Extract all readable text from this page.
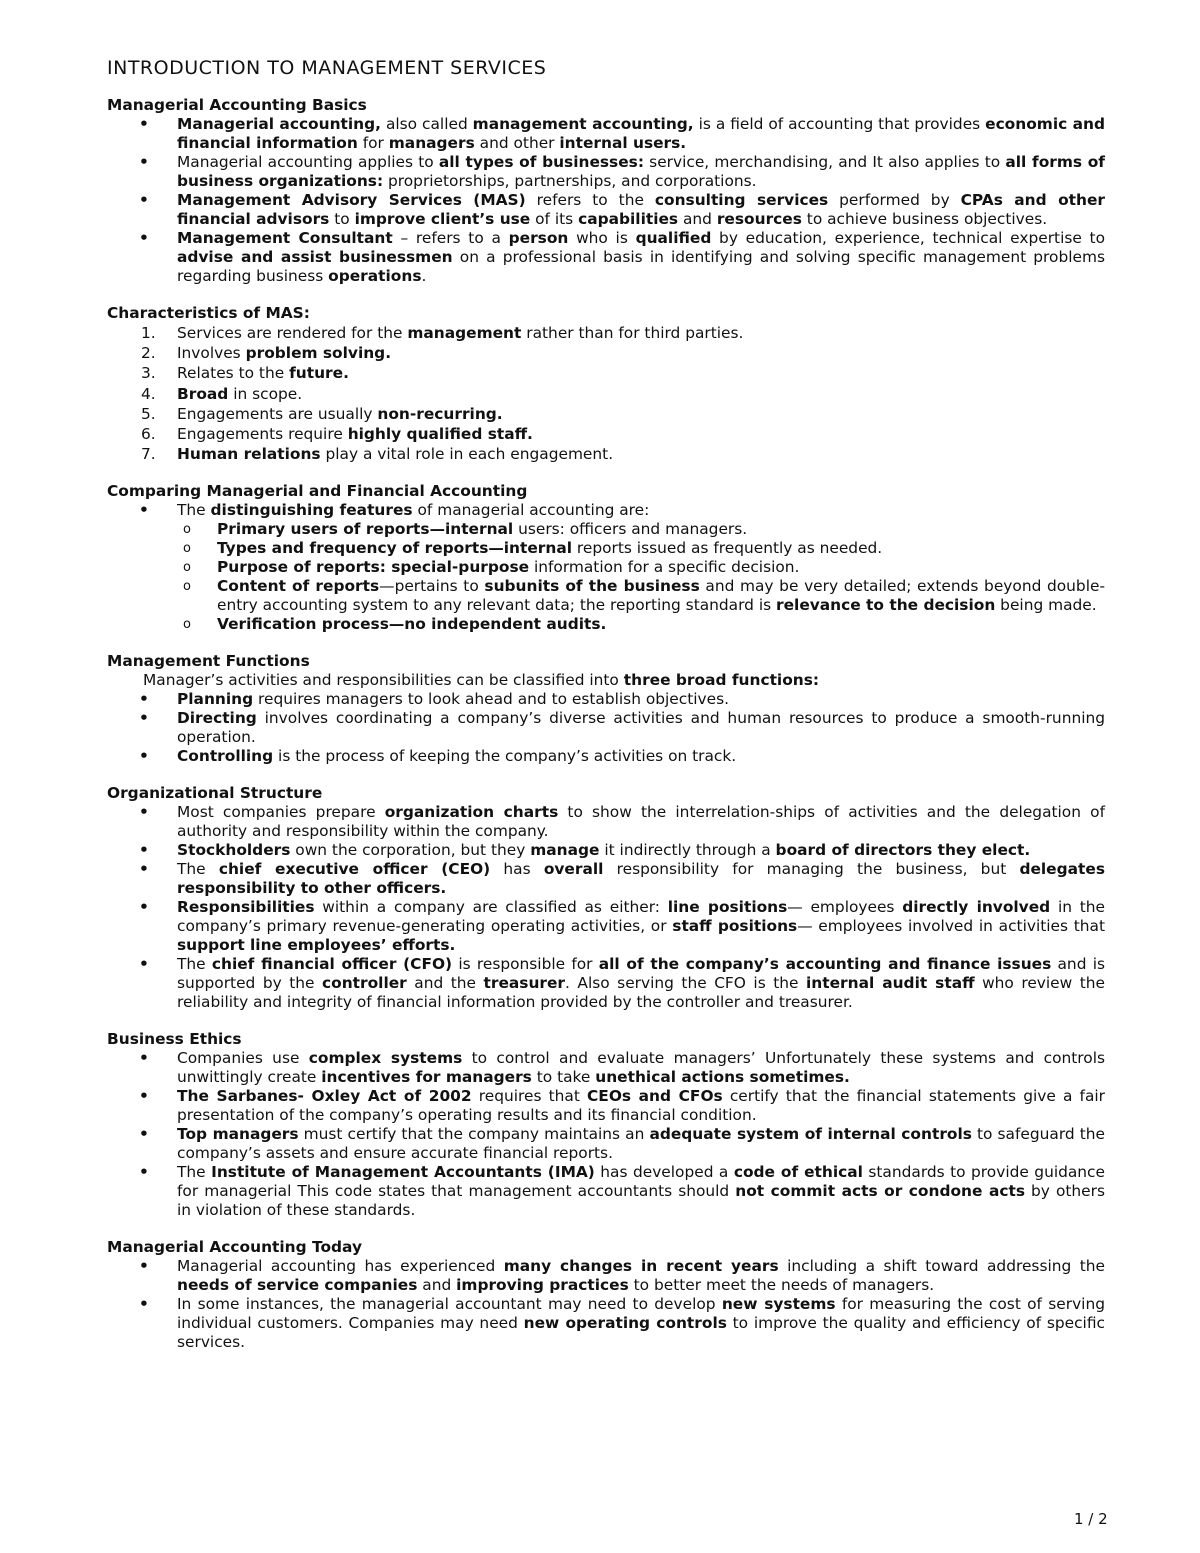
INTRODUCTION TO MANAGEMENT SERVICES
Managerial Accounting Basics
• Managerial accounting, also called management accounting, is a field of accounting that provides economic and financial information for managers and other internal users.
• Managerial accounting applies to all types of businesses: service, merchandising, and It also applies to all forms of business organizations: proprietorships, partnerships, and corporations.
• Management Advisory Services (MAS) refers to the consulting services performed by CPAs and other financial advisors to improve client’s use of its capabilities and resources to achieve business objectives.
• Management Consultant – refers to a person who is qualified by education, experience, technical expertise to advise and assist businessmen on a professional basis in identifying and solving specific management problems regarding business operations.
Characteristics of MAS:
1.	Services are rendered for the management rather than for third parties.
2.	Involves problem solving.
3.	Relates to the future.
4.	Broad in scope.
5.	Engagements are usually non-recurring.
6.	Engagements require highly qualified staff.
7.	Human relations play a vital role in each engagement.
Comparing Managerial and Financial Accounting
• The distinguishing features of managerial accounting are:
o Primary users of reports—internal users: officers and managers.
o Types and frequency of reports—internal reports issued as frequently as needed.
o Purpose of reports: special-purpose information for a specific decision.
o Content of reports—pertains to subunits of the business and may be very detailed; extends beyond double-entry accounting system to any relevant data; the reporting standard is relevance to the decision being made.
o Verification process—no independent audits.
Management Functions
Manager’s activities and responsibilities can be classified into three broad functions:
• Planning requires managers to look ahead and to establish objectives.
• Directing involves coordinating a company’s diverse activities and human resources to produce a smooth-running operation.
• Controlling is the process of keeping the company’s activities on track.
Organizational Structure
• Most companies prepare organization charts to show the interrelation-ships of activities and the delegation of authority and responsibility within the company.
• Stockholders own the corporation, but they manage it indirectly through a board of directors they elect.
• The chief executive officer (CEO) has overall responsibility for managing the business, but delegates responsibility to other officers.
• Responsibilities within a company are classified as either: line positions— employees directly involved in the company’s primary revenue-generating operating activities, or staff positions— employees involved in activities that support line employees’ efforts.
• The chief financial officer (CFO) is responsible for all of the company’s accounting and finance issues and is supported by the controller and the treasurer. Also serving the CFO is the internal audit staff who review the reliability and integrity of financial information provided by the controller and treasurer.
Business Ethics
• Companies use complex systems to control and evaluate managers’ Unfortunately these systems and controls unwittingly create incentives for managers to take unethical actions sometimes.
• The Sarbanes- Oxley Act of 2002 requires that CEOs and CFOs certify that the financial statements give a fair presentation of the company’s operating results and its financial condition.
• Top managers must certify that the company maintains an adequate system of internal controls to safeguard the company’s assets and ensure accurate financial reports.
• The Institute of Management Accountants (IMA) has developed a code of ethical standards to provide guidance for managerial This code states that management accountants should not commit acts or condone acts by others in violation of these standards.
Managerial Accounting Today
• Managerial accounting has experienced many changes in recent years including a shift toward addressing the needs of service companies and improving practices to better meet the needs of managers.
• In some instances, the managerial accountant may need to develop new systems for measuring the cost of serving individual customers. Companies may need new operating controls to improve the quality and efficiency of specific services.
1 / 2
